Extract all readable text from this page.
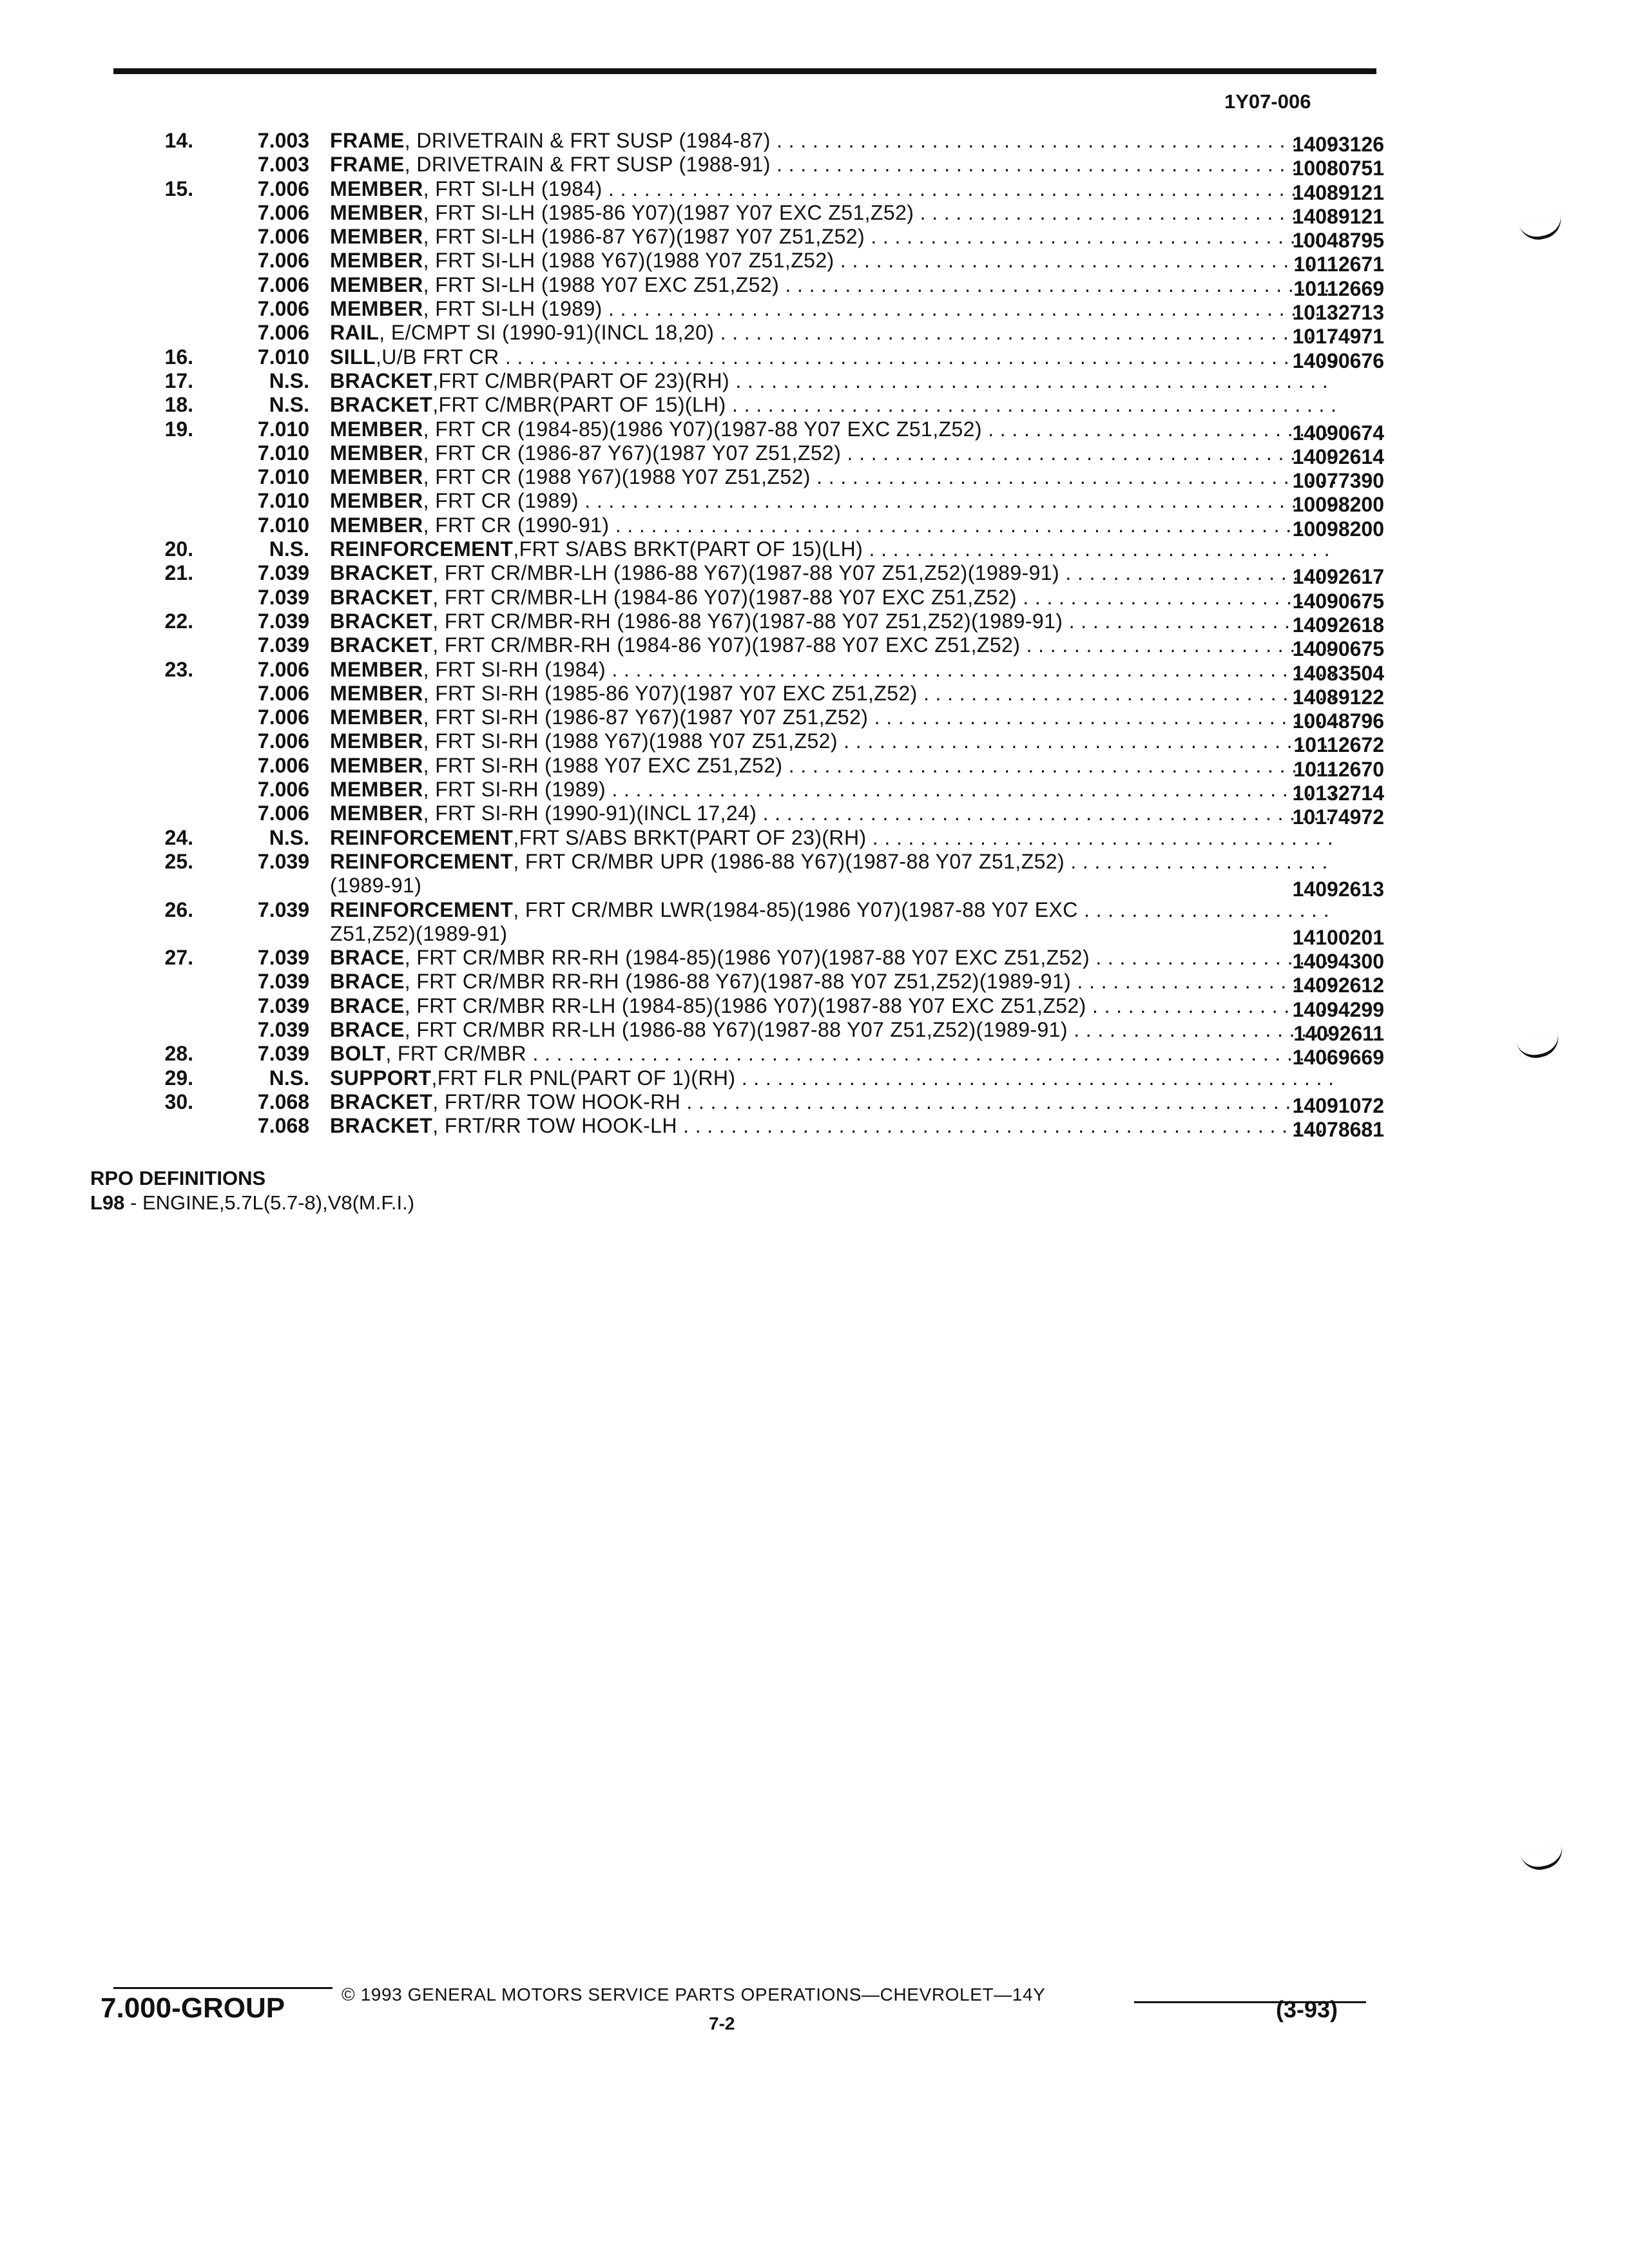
1Y07-006
14.	7.003 FRAME, DRIVETRAIN & FRT SUSP (1984-87) . . .	14093126
7.003 FRAME, DRIVETRAIN & FRT SUSP (1988-91) . . .	10080751
15.	7.006 MEMBER, FRT SI-LH (1984) . . .	14089121
7.006 MEMBER, FRT SI-LH (1985-86 Y07)(1987 Y07 EXC Z51,Z52) . . .	14089121
7.006 MEMBER, FRT SI-LH (1986-87 Y67)(1987 Y07 Z51,Z52) . . .	10048795
7.006 MEMBER, FRT SI-LH (1988 Y67)(1988 Y07 Z51,Z52) . . .	10112671
7.006 MEMBER, FRT SI-LH (1988 Y07 EXC Z51,Z52) . . .	10112669
7.006 MEMBER, FRT SI-LH (1989) . . .	10132713
7.006 RAIL, E/CMPT SI (1990-91)(INCL 18,20) . . .	10174971
16.	7.010 SILL,U/B FRT CR . . .	14090676
17.	N.S. BRACKET,FRT C/MBR(PART OF 23)(RH) . . .
18.	N.S. BRACKET,FRT C/MBR(PART OF 15)(LH) . . .
19.	7.010 MEMBER, FRT CR (1984-85)(1986 Y07)(1987-88 Y07 EXC Z51,Z52) . . .	14090674
7.010 MEMBER, FRT CR (1986-87 Y67)(1987 Y07 Z51,Z52) . . .	14092614
7.010 MEMBER, FRT CR (1988 Y67)(1988 Y07 Z51,Z52) . . .	10077390
7.010 MEMBER, FRT CR (1989) . . .	10098200
7.010 MEMBER, FRT CR (1990-91) . . .	10098200
20.	N.S. REINFORCEMENT,FRT S/ABS BRKT(PART OF 15)(LH) . . .
21.	7.039 BRACKET, FRT CR/MBR-LH (1986-88 Y67)(1987-88 Y07 Z51,Z52)(1989-91) . . .	14092617
7.039 BRACKET, FRT CR/MBR-LH (1984-86 Y07)(1987-88 Y07 EXC Z51,Z52) . . .	14090675
22.	7.039 BRACKET, FRT CR/MBR-RH (1986-88 Y67)(1987-88 Y07 Z51,Z52)(1989-91) . . .	14092618
7.039 BRACKET, FRT CR/MBR-RH (1984-86 Y07)(1987-88 Y07 EXC Z51,Z52) . . .	14090675
23.	7.006 MEMBER, FRT SI-RH (1984) . . .	14083504
7.006 MEMBER, FRT SI-RH (1985-86 Y07)(1987 Y07 EXC Z51,Z52) . . .	14089122
7.006 MEMBER, FRT SI-RH (1986-87 Y67)(1987 Y07 Z51,Z52) . . .	10048796
7.006 MEMBER, FRT SI-RH (1988 Y67)(1988 Y07 Z51,Z52) . . .	10112672
7.006 MEMBER, FRT SI-RH (1988 Y07 EXC Z51,Z52) . . .	10112670
7.006 MEMBER, FRT SI-RH (1989) . . .	10132714
7.006 MEMBER, FRT SI-RH (1990-91)(INCL 17,24) . . .	10174972
24.	N.S. REINFORCEMENT,FRT S/ABS BRKT(PART OF 23)(RH) . . .
25.	7.039 REINFORCEMENT, FRT CR/MBR UPR (1986-88 Y67)(1987-88 Y07 Z51,Z52) . . .
(1989-91)	14092613
26.	7.039 REINFORCEMENT, FRT CR/MBR LWR(1984-85)(1986 Y07)(1987-88 Y07 EXC . . .
Z51,Z52)(1989-91)	14100201
27.	7.039 BRACE, FRT CR/MBR RR-RH (1984-85)(1986 Y07)(1987-88 Y07 EXC Z51,Z52) . . .	14094300
7.039 BRACE, FRT CR/MBR RR-RH (1986-88 Y67)(1987-88 Y07 Z51,Z52)(1989-91) . . .	14092612
7.039 BRACE, FRT CR/MBR RR-LH (1984-85)(1986 Y07)(1987-88 Y07 EXC Z51,Z52) . . .	14094299
7.039 BRACE, FRT CR/MBR RR-LH (1986-88 Y67)(1987-88 Y07 Z51,Z52)(1989-91) . . .	14092611
28.	7.039 BOLT, FRT CR/MBR . . .	14069669
29.	N.S. SUPPORT,FRT FLR PNL(PART OF 1)(RH) . . .
30.	7.068 BRACKET, FRT/RR TOW HOOK-RH . . .	14091072
7.068 BRACKET, FRT/RR TOW HOOK-LH . . .	14078681
RPO DEFINITIONS
L98 - ENGINE,5.7L(5.7-8),V8(M.F.I.)
7.000-GROUP	© 1993 GENERAL MOTORS SERVICE PARTS OPERATIONS—CHEVROLET—14Y
7-2
(3-93)
